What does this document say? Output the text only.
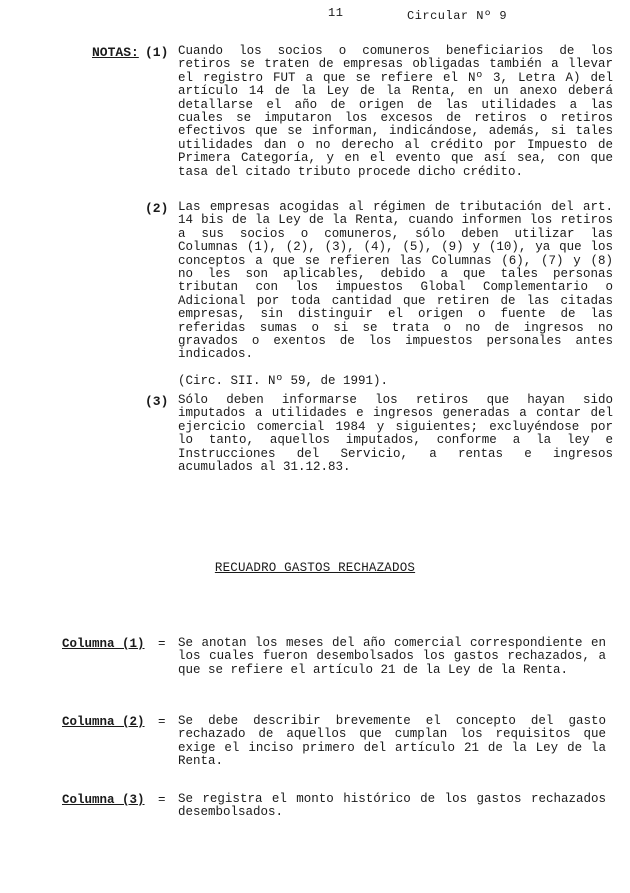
11	Circular Nº 9
NOTAS: (1) Cuando los socios o comuneros beneficiarios de los retiros se traten de empresas obligadas también a llevar el registro FUT a que se refiere el Nº 3, Letra A) del artículo 14 de la Ley de la Renta, en un anexo deberá detallarse el año de origen de las utilidades a las cuales se imputaron los excesos de retiros o retiros efectivos que se informan, indicándose, además, si tales utilidades dan o no derecho al crédito por Impuesto de Primera Categoría, y en el evento que así sea, con que tasa del citado tributo procede dicho crédito.

(2) Las empresas acogidas al régimen de tributación del art. 14 bis de la Ley de la Renta, cuando informen los retiros a sus socios o comuneros, sólo deben utilizar las Columnas (1), (2), (3), (4), (5), (9) y (10), ya que los conceptos a que se refieren las Columnas (6), (7) y (8) no les son aplicables, debido a que tales personas tributan con los impuestos Global Complementario o Adicional por toda cantidad que retiren de las citadas empresas, sin distinguir el origen o fuente de las referidas sumas o si se trata o no de ingresos no gravados o exentos de los impuestos personales antes indicados.

(Circ. SII. Nº 59, de 1991).

(3) Sólo deben informarse los retiros que hayan sido imputados a utilidades e ingresos generadas a contar del ejercicio comercial 1984 y siguientes; excluyéndose por lo tanto, aquellos imputados, conforme a la ley e Instrucciones del Servicio, a rentas e ingresos acumulados al 31.12.83.

RECUADRO GASTOS RECHAZADOS
Columna (1) = Se anotan los meses del año comercial correspondiente en los cuales fueron desembolsados los gastos rechazados, a que se refiere el artículo 21 de la Ley de la Renta.

Columna (2) = Se debe describir brevemente el concepto del gasto rechazado de aquellos que cumplan los requisitos que exige el inciso primero del artículo 21 de la Ley de la Renta.

Columna (3) = Se registra el monto histórico de los gastos rechazados desembolsados.
